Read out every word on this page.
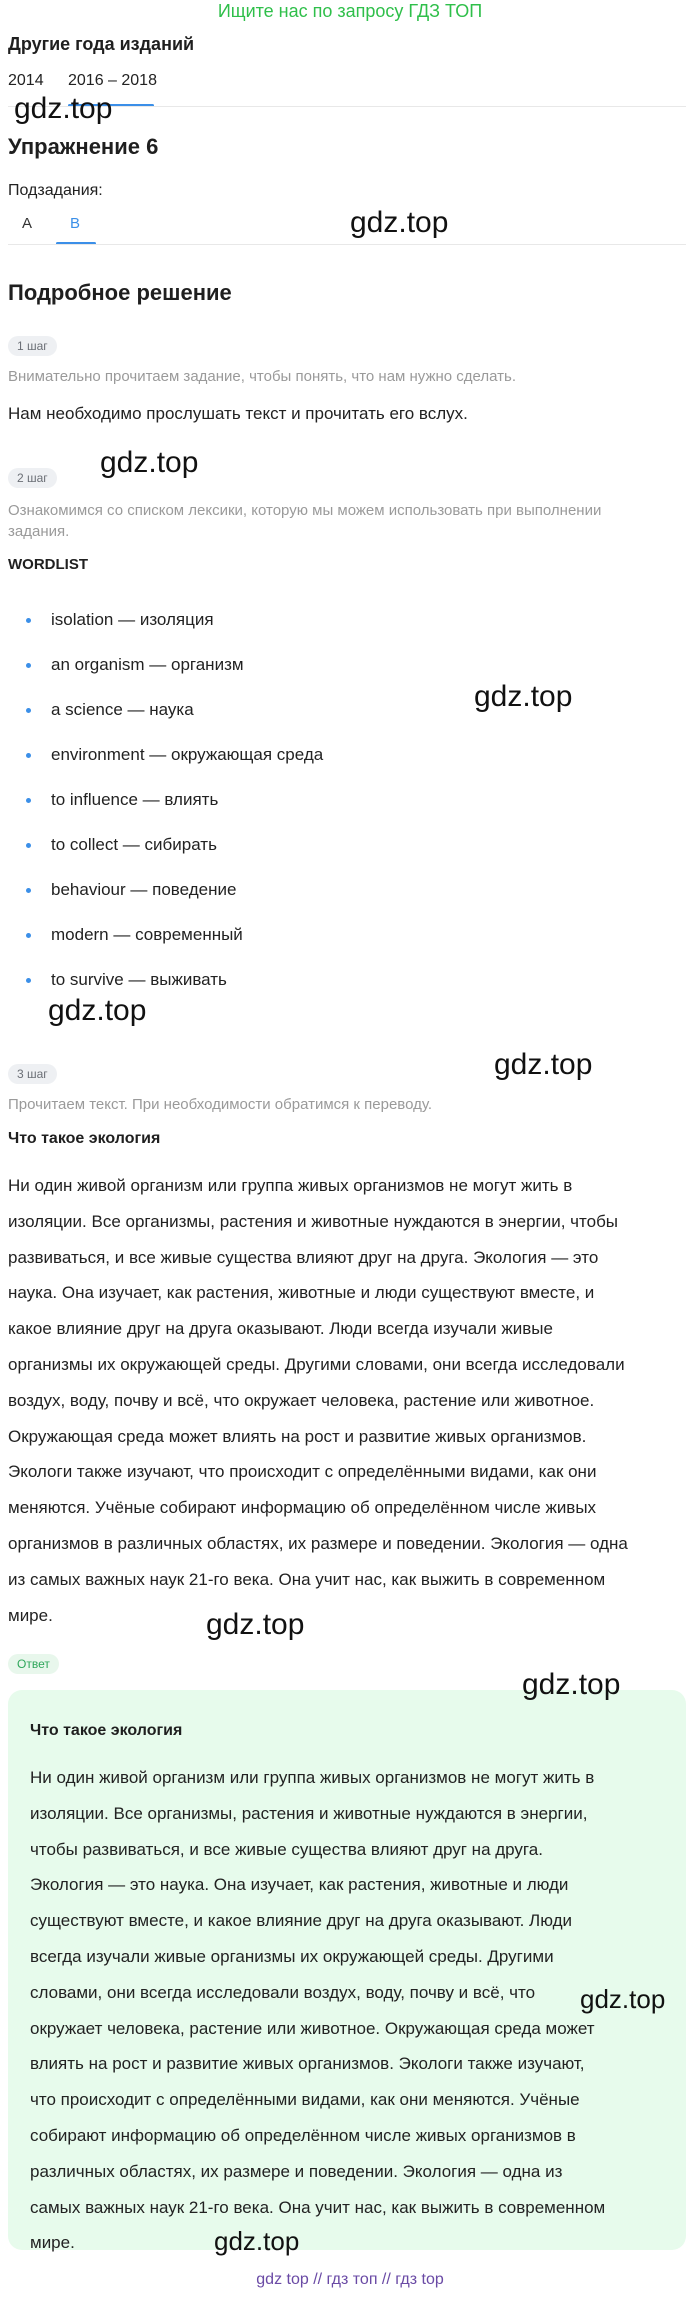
Ищите нас по запросу ГДЗ ТОП
Другие года изданий
2014 2016 – 2018
gdz.top
Упражнение 6
Подзадания:
A	B	gdz.top
Подробное решение
1 шаг
Внимательно прочитаем задание, чтобы понять, что нам нужно сделать.
Нам необходимо прослушать текст и прочитать его вслух.
2 шаг	gdz.top
Ознакомимся со списком лексики, которую мы можем использовать при выполнении
задания.
WORDLIST
isolation — изоляция
an organism — организм
a science — наука
environment — окружающая среда
to influence — влиять
to collect — сибирать
behaviour — поведение
modern — современный
to survive — выживать
gdz.top
gdz.top
3 шаг	gdz.top
Прочитаем текст. При необходимости обратимся к переводу.
Что такое экология
Ни один живой организм или группа живых организмов не могут жить в
изоляции. Все организмы, растения и животные нуждаются в энергии, чтобы
развиваться, и все живые существа влияют друг на друга. Экология — это
наука. Она изучает, как растения, животные и люди существуют вместе, и
какое влияние друг на друга оказывают. Люди всегда изучали живые
организмы их окружающей среды. Другими словами, они всегда исследовали
воздух, воду, почву и всё, что окружает человека, растение или животное.
Окружающая среда может влиять на рост и развитие живых организмов.
Экологи также изучают, что происходит с определёнными видами, как они
меняются. Учёные собирают информацию об определённом числе живых
организмов в различных областях, их размере и поведении. Экология — одна
из самых важных наук 21-го века. Она учит нас, как выжить в современном
мире.	gdz.top
Ответ
gdz.top
Что такое экология
Ни один живой организм или группа живых организмов не могут жить в
изоляции. Все организмы, растения и животные нуждаются в энергии,
чтобы развиваться, и все живые существа влияют друг на друга.
Экология — это наука. Она изучает, как растения, животные и люди
существуют вместе, и какое влияние друг на друга оказывают. Люди
всегда изучали живые организмы их окружающей среды. Другими
словами, они всегда исследовали воздух, воду, почву и всё, что
окружает человека, растение или животное. Окружающая среда может
влиять на рост и развитие живых организмов. Экологи также изучают,
что происходит с определёнными видами, как они меняются. Учёные
собирают информацию об определённом числе живых организмов в
различных областях, их размере и поведении. Экология — одна из
самых важных наук 21-го века. Она учит нас, как выжить в современном
мире.
gdz.top
gdz.top
gdz top // гдз топ // гдз top
